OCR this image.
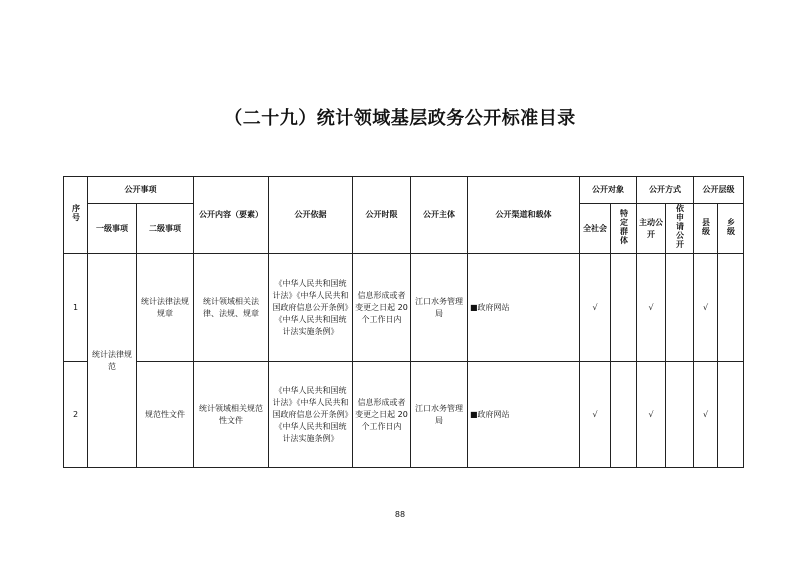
（二十九）统计领域基层政务公开标准目录
序号	公开事项		公开内容（要素）	公开依据	公开时限	公开主体	公开渠道和载体	公开对象		公开方式		公开层级	
	一级事项	二级事项						全社会	特定群体	主动公开	依申请公开	县级	乡级
1	统计法律规范	统计法律法规规章	统计领域相关法律、法规、规章	《中华人民共和国统计法》《中华人民共和国政府信息公开条例》《中华人民共和国统计法实施条例》	信息形成或者变更之日起 20 个工作日内	江口水务管理局	■政府网站	√		√		√	
2		规范性文件	统计领域相关规范性文件	《中华人民共和国统计法》《中华人民共和国政府信息公开条例》《中华人民共和国统计法实施条例》	信息形成或者变更之日起 20 个工作日内	江口水务管理局	■政府网站	√		√		√	
88
